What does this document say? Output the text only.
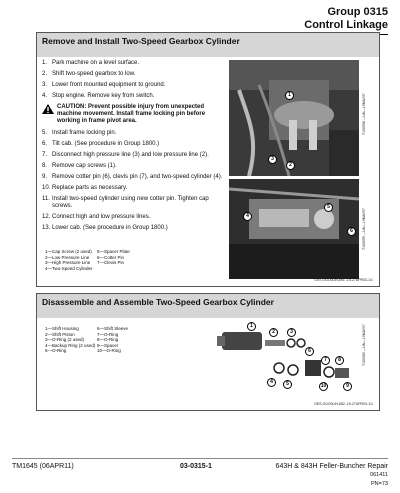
Group 0315
Control Linkage
Remove and Install Two-Speed Gearbox Cylinder
1. Park machine on a level surface.
2. Shift two-speed gearbox to low.
3. Lower front mounted equipment to ground.
4. Stop engine. Remove key from switch.
CAUTION: Prevent possible injury from unexpected machine movement. Install frame locking pin before working in frame pivot area.
5. Install frame locking pin.
6. Tilt cab. (See procedure in Group 1800.)
7. Disconnect high pressure line (3) and low pressure line (2).
8. Remove cap screws (1).
9. Remove cotter pin (6), clevis pin (7), and two-speed cylinder (4).
10. Replace parts as necessary.
11. Install two-speed cylinder using new cotter pin. Tighten cap screws.
12. Connect high and low pressure lines.
13. Lower cab. (See procedure in Group 1800.)
1—Cap Screw (2 used)
2—Low Pressure Line
3—High Pressure Line
4—Two-Speed Cylinder
5—Spacer Plate
6—Cotter Pin
7—Clevis Pin
1
3
2
T100558 —UN—19MAY97
4
5
6	T100559 —UN—19MAY97
OES,OUO0LIN,691 -19-27APR03-1/1
Disassemble and Assemble Two-Speed Gearbox Cylinder
1—Shift Housing
2—Shift Piston
3—O-Ring (2 used)
4—Backup Ring (2 used)
5—O-Ring
6—Shift Sleeve
7—O-Ring
8—O-Ring
9—Spacer
10—O-Ring
1
2	3
4	5
6
7	8
9
10
T100560 —UN—19MAY97
OES,OUO0LIN,682 -19-27APR03-1/1
TM1645 (06APR11)	03-0315-1	643H & 843H Feller-Buncher Repair
061411
PN=73
